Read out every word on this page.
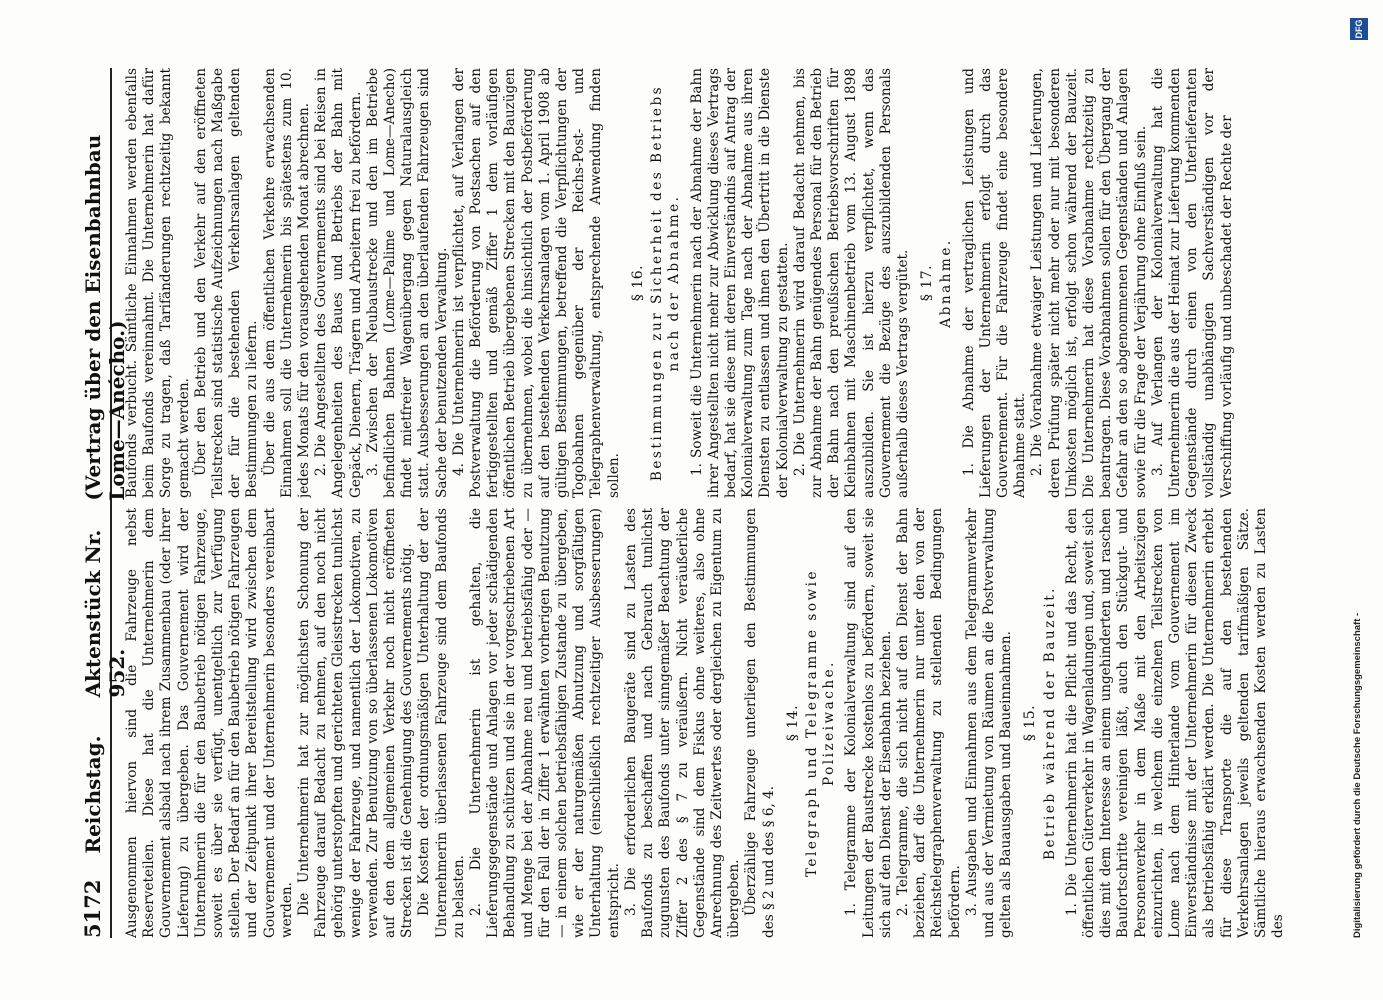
5172
Reichstag.
Aktenstück Nr. 952.
(Vertrag über den Eisenbahnbau Lome—Anécho.)

Ausgenommen hiervon sind die Fahrzeuge nebst Reserveteilen. Diese hat die Unternehmerin dem Gouvernement alsbald nach ihrem Zusammenbau (oder ihrer Lieferung) zu übergeben. Das Gouvernement wird der Unternehmerin die für den Baubetrieb nötigen Fahrzeuge, soweit es über sie verfügt, unentgeltlich zur Verfügung stellen. Der Bedarf an für den Baubetrieb nötigen Fahrzeugen und der Zeitpunkt ihrer Bereitstellung wird zwischen dem Gouvernement und der Unternehmerin besonders vereinbart werden. Die Unternehmerin hat zur möglichsten Schonung der Fahrzeuge darauf Bedacht zu nehmen, auf den noch nicht gehörig unterstopften und gerichteten Gleisstrecken tunlichst wenige der Fahrzeuge, und namentlich der Lokomotiven, zu verwenden. Zur Benutzung von so überlassenen Lokomotiven auf den dem allgemeinen Verkehr noch nicht eröffneten Strecken ist die Genehmigung des Gouvernements nötig. Die Kosten der ordnungsmäßigen Unterhaltung der der Unternehmerin überlassenen Fahrzeuge sind dem Baufonds zu belasten. 2. Die Unternehmerin ist gehalten, die Lieferungsgegenstände und Anlagen vor jeder schädigenden Behandlung zu schützen und sie in der vorgeschriebenen Art und Menge bei der Abnahme neu und betriebsfähig oder — für den Fall der in Ziffer 1 erwähnten vorherigen Benutzung — in einem solchen betriebsfähigen Zustande zu übergeben, wie er der naturgemäßen Abnutzung und sorgfältigen Unterhaltung (einschließlich rechtzeitiger Ausbesserungen) entspricht. 3. Die erforderlichen Baugeräte sind zu Lasten des Baufonds zu beschaffen und nach Gebrauch tunlichst zugunsten des Baufonds unter sinngemäßer Beachtung der Ziffer 2 des § 7 zu veräußern. Nicht veräußerliche Gegenstände sind dem Fiskus ohne weiteres, also ohne Anrechnung des Zeitwertes oder dergleichen zu Eigentum zu übergeben. Überzählige Fahrzeuge unterliegen den Bestimmungen des § 2 und des § 6, 4.

§ 14. Telegraph und Telegramme sowie Polizeiwache. 1. Telegramme der Kolonialverwaltung sind auf den Leitungen der Baustrecke kostenlos zu befördern, soweit sie sich auf den Dienst der Eisenbahn beziehen. 2. Telegramme, die sich nicht auf den Dienst der Bahn beziehen, darf die Unternehmerin nur unter den von der Reichstelegraphenverwaltung zu stellenden Bedingungen befördern. 3. Ausgaben und Einnahmen aus dem Telegrammverkehr und aus der Vermietung von Räumen an die Postverwaltung gelten als Bauausgaben und Baueinnahmen. § 15. Betrieb während der Bauzeit. 1. Die Unternehmerin hat die Pflicht und das Recht, den öffentlichen Güterverkehr in Wagenladungen und, soweit sich dies mit dem Interesse an einem ungehinderten und raschen Baufortschritte vereinigen läßt, auch den Stückgut- und Personenverkehr in dem Maße mit den Arbeitszügen einzurichten, in welchem die einzelnen Teilstrecken von Lome nach dem Hinterlande vom Gouvernement im Einverständnisse mit der Unternehmerin für diesen Zweck als betriebsfähig erklärt werden. Die Unternehmerin erhebt für diese Transporte die auf den bestehenden Verkehrsanlagen jeweils geltenden tarifmäßigen Sätze. Sämtliche hieraus erwachsenden Kosten werden zu Lasten des

Baufonds verbucht. Sämtliche Einnahmen werden ebenfalls beim Baufonds vereinnahmt. Die Unternehmerin hat dafür Sorge zu tragen, daß Tarifänderungen rechtzeitig bekannt gemacht werden. Über den Betrieb und den Verkehr auf den eröffneten Teilstrecken sind statistische Aufzeichnungen nach Maßgabe der für die bestehenden Verkehrsanlagen geltenden Bestimmungen zu liefern. Über die aus dem öffentlichen Verkehre erwachsenden Einnahmen soll die Unternehmerin bis spätestens zum 10. jedes Monats für den vorausgehenden Monat abrechnen. 2. Die Angestellten des Gouvernements sind bei Reisen in Angelegenheiten des Baues und Betriebs der Bahn mit Gepäck, Dienern, Trägern und Arbeitern frei zu befördern. 3. Zwischen der Neubaustrecke und den im Betriebe befindlichen Bahnen (Lome—Palime und Lome—Anecho) findet mietfreier Wagenübergang gegen Naturalausgleich statt. Ausbesserungen an den überlaufenden Fahrzeugen sind Sache der benutzenden Verwaltung. 4. Die Unternehmerin ist verpflichtet, auf Verlangen der Postverwaltung die Beförderung von Postsachen auf den fertiggestellten und gemäß Ziffer 1 dem vorläufigen öffentlichen Betrieb übergebenen Strecken mit den Bauzügen zu übernehmen, wobei die hinsichtlich der Postbeförderung auf den bestehenden Verkehrsanlagen vom 1. April 1908 ab gültigen Bestimmungen, betreffend die Verpflichtungen der Togobahnen gegenüber der Reichs-Post- und Telegraphenverwaltung, entsprechende Anwendung finden sollen.

§ 16. Bestimmungen zur Sicherheit des Betriebs nach der Abnahme. 1. Soweit die Unternehmerin nach der Abnahme der Bahn ihrer Angestellten nicht mehr zur Abwicklung dieses Vertrags bedarf, hat sie diese mit deren Einverständnis auf Antrag der Kolonialverwaltung zum Tage nach der Abnahme aus ihren Diensten zu entlassen und ihnen den Übertritt in die Dienste der Kolonialverwaltung zu gestatten. 2. Die Unternehmerin wird darauf Bedacht nehmen, bis zur Abnahme der Bahn genügendes Personal für den Betrieb der Bahn nach den preußischen Betriebsvorschriften für Kleinbahnen mit Maschinenbetrieb vom 13. August 1898 auszubilden. Sie ist hierzu verpflichtet, wenn das Gouvernement die Bezüge des auszubildenden Personals außerhalb dieses Vertrags vergütet. § 17. Abnahme. 1. Die Abnahme der vertraglichen Leistungen und Lieferungen der Unternehmerin erfolgt durch das Gouvernement. Für die Fahrzeuge findet eine besondere Abnahme statt. 2. Die Vorabnahme etwaiger Leistungen und Lieferungen, deren Prüfung später nicht mehr oder nur mit besonderen Umkosten möglich ist, erfolgt schon während der Bauzeit. Die Unternehmerin hat diese Vorabnahme rechtzeitig zu beantragen. Diese Vorabnahmen sollen für den Übergang der Gefahr an den so abgenommenen Gegenständen und Anlagen sowie für die Frage der Verjährung ohne Einfluß sein. 3. Auf Verlangen der Kolonialverwaltung hat die Unternehmerin die aus der Heimat zur Lieferung kommenden Gegenstände durch einen von den Unterlieferanten vollständig unabhängigen Sachverständigen vor der Verschiffung vorläufig und unbeschadet der Rechte der

Digitalisierung gefördert durch die Deutsche Forschungsgemeinschaft -
DFG
